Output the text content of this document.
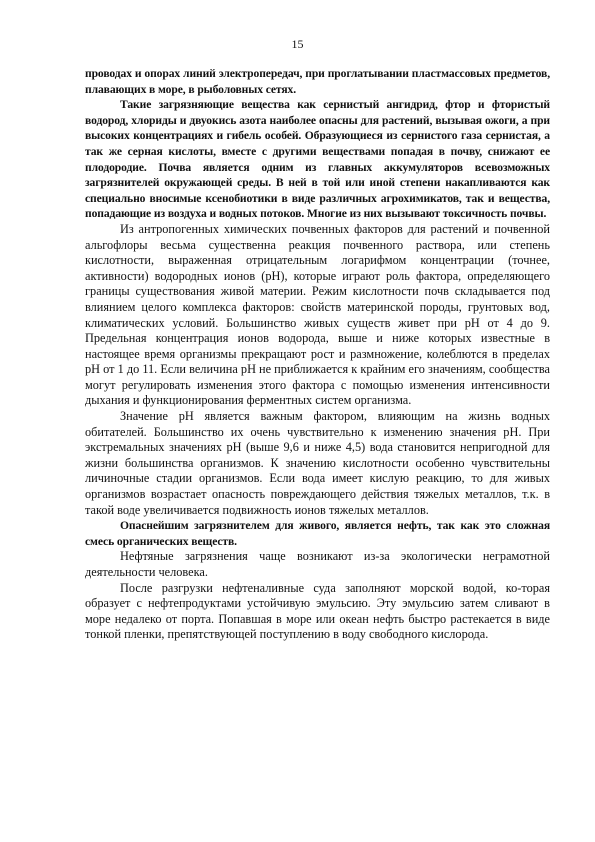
15

проводах и опорах линий электропередач, при проглатывании пластмассовых предметов, плавающих в море, в рыболовных сетях.

Такие загрязняющие вещества как сернистый ангидрид, фтор и фтористый водород, хлориды и двуокись азота наиболее опасны для растений, вызывая ожоги, а при высоких концентрациях и гибель особей. Образующиеся из сернистого газа сернистая, а так же серная кислоты, вместе с другими веществами попадая в почву, снижают ее плодородие. Почва является одним из главных аккумуляторов всевозможных загрязнителей окружающей среды. В ней в той или иной степени накапливаются как специально вносимые ксенобиотики в виде различных агрохимикатов, так и вещества, попадающие из воздуха и водных потоков. Многие из них вызывают токсичность почвы.

Из антропогенных химических почвенных факторов для растений и почвенной альгофлоры весьма существенна реакция почвенного раствора, или степень кислотности, выраженная отрицательным логарифмом концентрации (точнее, активности) водородных ионов (pH), которые играют роль фактора, определяющего границы существования живой материи. Режим кислотности почв складывается под влиянием целого комплекса факторов: свойств материнской породы, грунтовых вод, климатических условий. Большинство живых существ живет при pH от 4 до 9. Предельная концентрация ионов водорода, выше и ниже которых известные в настоящее время организмы прекращают рост и размножение, колеблются в пределах pH от 1 до 11. Если величина pH не приближается к крайним его значениям, сообщества могут регулировать изменения этого фактора с помощью изменения интенсивности дыхания и функционирования ферментных систем организма.

Значение pH является важным фактором, влияющим на жизнь водных обитателей. Большинство их очень чувствительно к изменению значения pH. При экстремальных значениях pH (выше 9,6 и ниже 4,5) вода становится непригодной для жизни большинства организмов. К значению кислотности особенно чувствительны личиночные стадии организмов. Если вода имеет кислую реакцию, то для живых организмов возрастает опасность повреждающего действия тяжелых металлов, т.к. в такой воде увеличивается подвижность ионов тяжелых металлов.

Опаснейшим загрязнителем для живого, является нефть, так как это сложная смесь органических веществ.

Нефтяные загрязнения чаще возникают из-за экологически неграмотной деятельности человека.

После разгрузки нефтеналивные суда заполняют морской водой, ко-торая образует с нефтепродуктами устойчивую эмульсию. Эту эмульсию затем сливают в море недалеко от порта. Попавшая в море или океан нефть быстро растекается в виде тонкой пленки, препятствующей поступлению в воду свободного кислорода.
